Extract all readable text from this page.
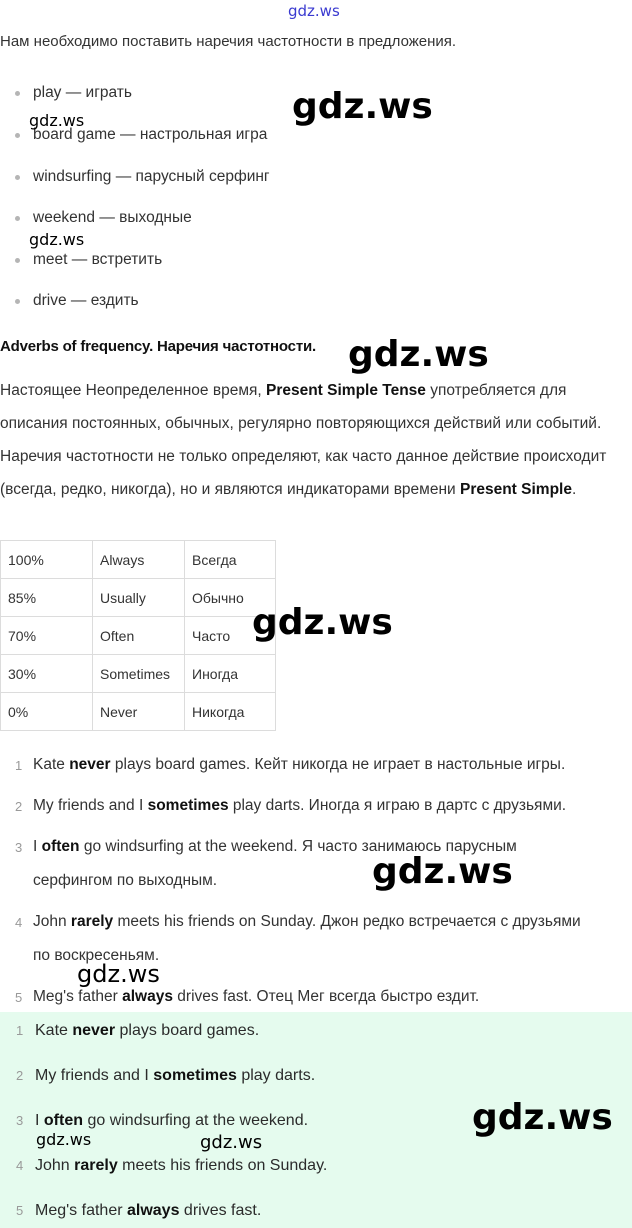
Нам необходимо поставить наречия частотности в предложения.
play — играть
board game — настрольная игра
windsurfing — парусный серфинг
weekend — выходные
meet — встретить
drive — ездить
Adverbs of frequency. Наречия частотности.
Настоящее Неопределенное время, Present Simple Tense употребляется для описания постоянных, обычных, регулярно повторяющихся действий или событий. Наречия частотности не только определяют, как часто данное действие происходит (всегда, редко, никогда), но и являются индикаторами времени Present Simple.
100%	Always	Всегда
85%	Usually	Обычно
70%	Often	Часто
30%	Sometimes	Иногда
0%	Never	Никогда
1 Kate never plays board games. Кейт никогда не играет в настольные игры.
2 My friends and I sometimes play darts. Иногда я играю в дартс с друзьями.
3 I often go windsurfing at the weekend. Я часто занимаюсь парусным серфингом по выходным.
4 John rarely meets his friends on Sunday. Джон редко встречается с друзьями по воскресеньям.
5 Meg's father always drives fast. Отец Мег всегда быстро ездит.
1 Kate never plays board games.
2 My friends and I sometimes play darts.
3 I often go windsurfing at the weekend.
4 John rarely meets his friends on Sunday.
5 Meg's father always drives fast.
gdz.ws
gdz.ws
gdz.ws
gdz.ws
gdz.ws
gdz.ws
gdz.ws
gdz.ws
gdz.ws
gdz.ws	gdz.ws
